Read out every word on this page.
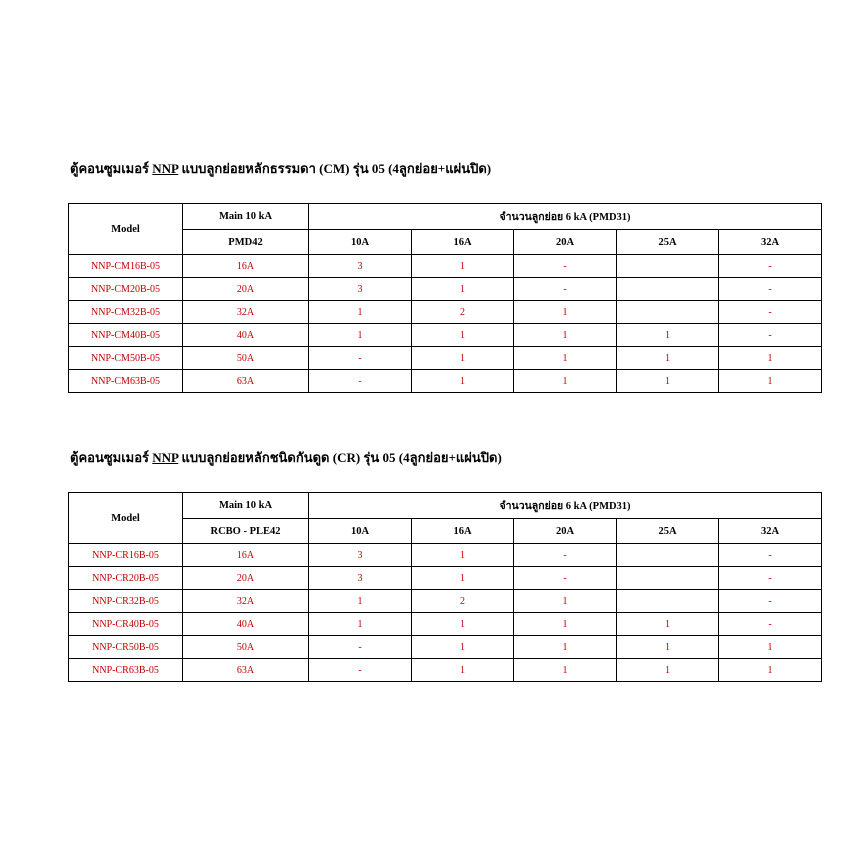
ตู้คอนซูมเมอร์ NNP แบบลูกย่อยหลักธรรมดา (CM) รุ่น 05 (4ลูกย่อย+แผ่นปิด)
Model	Main 10 kA	จำนวนลูกย่อย 6 kA (PMD31)				
	PMD42	10A	16A	20A	25A	32A
NNP-CM16B-05	16A	3	1	-		-
NNP-CM20B-05	20A	3	1	-		-
NNP-CM32B-05	32A	1	2	1		-
NNP-CM40B-05	40A	1	1	1	1	-
NNP-CM50B-05	50A	-	1	1	1	1
NNP-CM63B-05	63A	-	1	1	1	1
ตู้คอนซูมเมอร์ NNP แบบลูกย่อยหลักชนิดกันดูด (CR) รุ่น 05 (4ลูกย่อย+แผ่นปิด)
Model	Main 10 kA	จำนวนลูกย่อย 6 kA (PMD31)				
	RCBO - PLE42	10A	16A	20A	25A	32A
NNP-CR16B-05	16A	3	1	-		-
NNP-CR20B-05	20A	3	1	-		-
NNP-CR32B-05	32A	1	2	1		-
NNP-CR40B-05	40A	1	1	1	1	-
NNP-CR50B-05	50A	-	1	1	1	1
NNP-CR63B-05	63A	-	1	1	1	1
